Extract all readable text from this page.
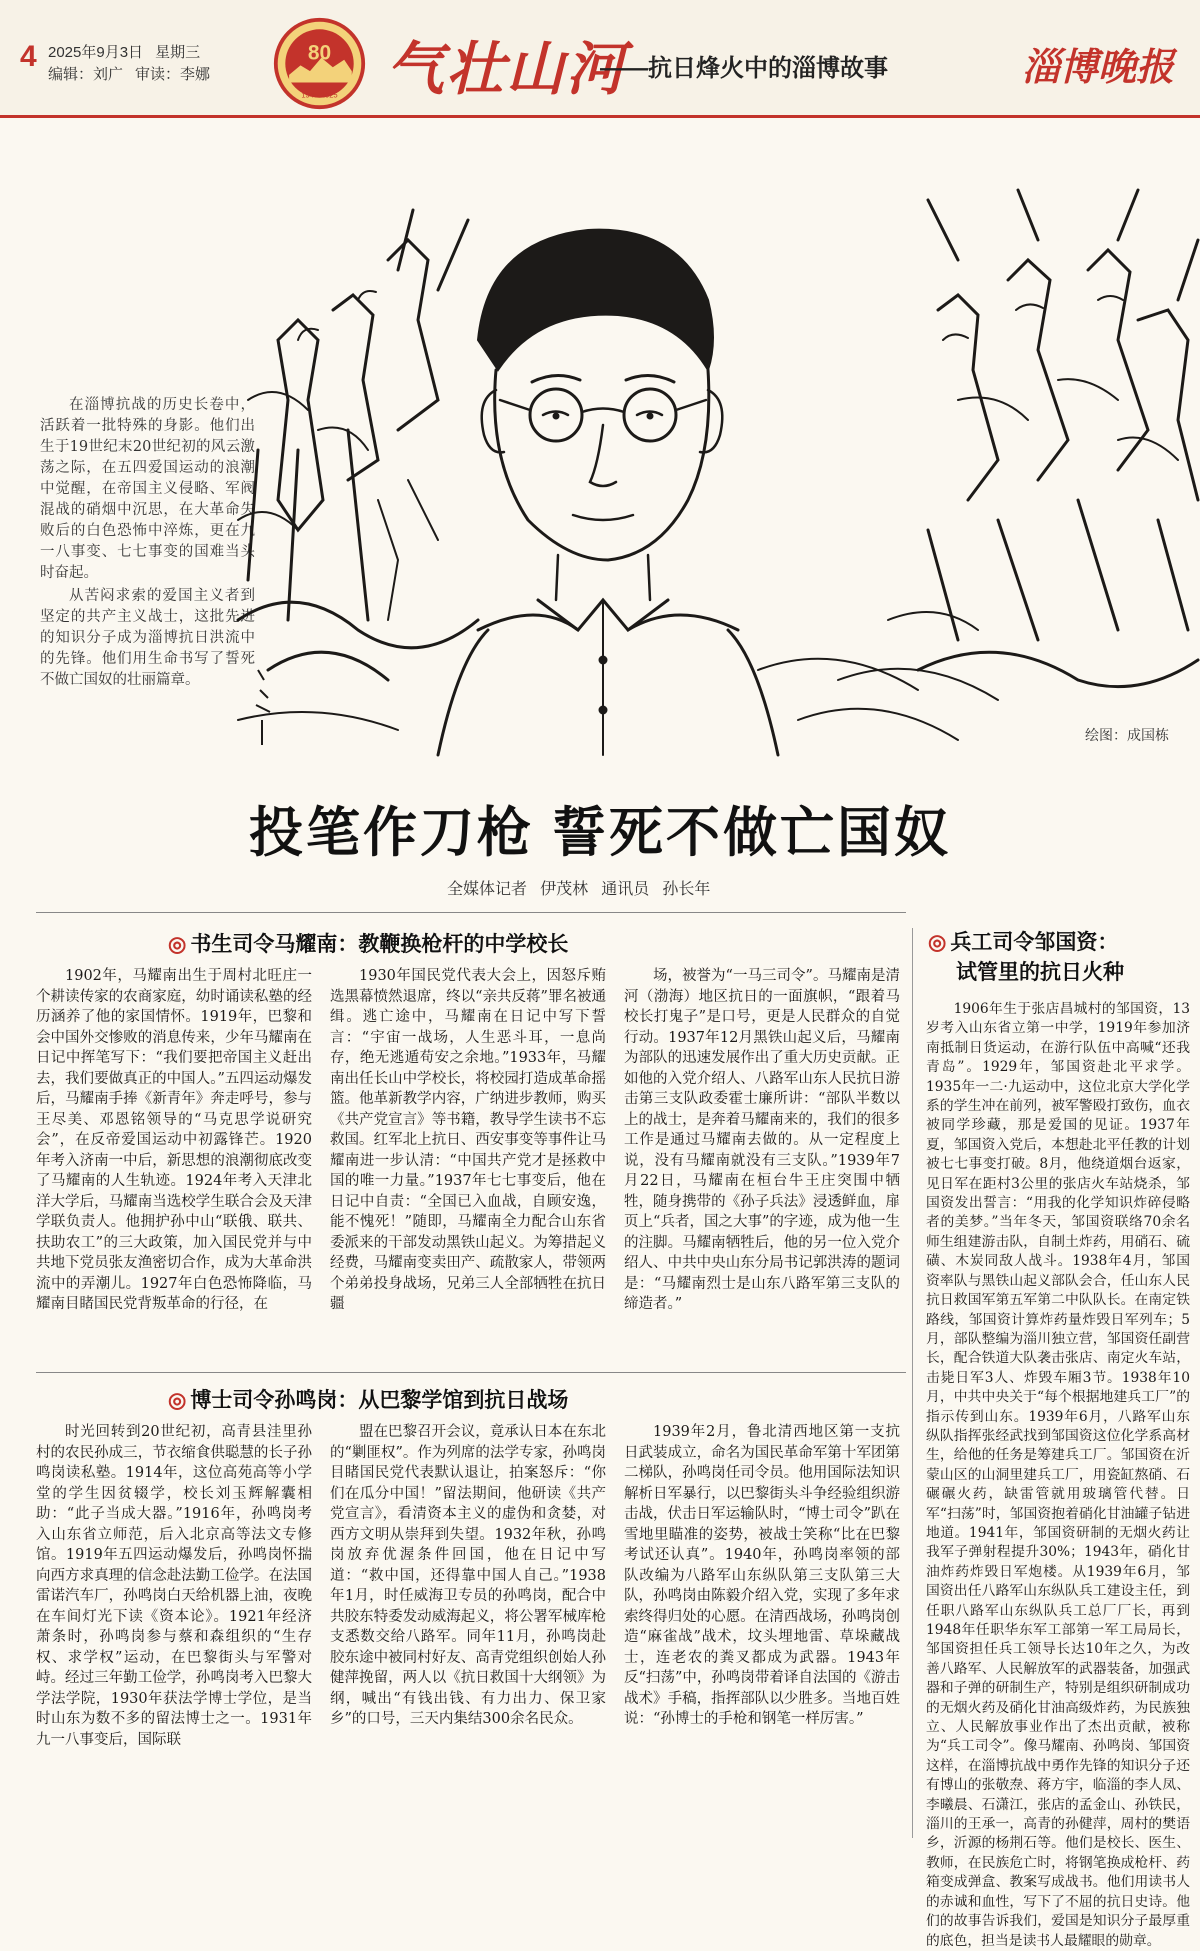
4 2025年9月3日 星期三
编辑：刘广 审读：李娜
80
1945-2025 气壮山河
——抗日烽火中的淄博故事	淄博晚报

在淄博抗战的历史长卷中，活跃着一批特殊的身影。他们出生于19世纪末20世纪初的风云激荡之际，在五四爱国运动的浪潮中觉醒，在帝国主义侵略、军阀混战的硝烟中沉思，在大革命失败后的白色恐怖中淬炼，更在九一八事变、七七事变的国难当头时奋起。

从苦闷求索的爱国主义者到坚定的共产主义战士，这批先进的知识分子成为淄博抗日洪流中的先锋。他们用生命书写了誓死不做亡国奴的壮丽篇章。

绘图：成国栋
投笔作刀枪 誓死不做亡国奴
全媒体记者 伊茂林 通讯员 孙长年
◎ 书生司令马耀南：教鞭换枪杆的中学校长

1902年，马耀南出生于周村北旺庄一个耕读传家的农商家庭，幼时诵读私塾的经历涵养了他的家国情怀。1919年，巴黎和会中国外交惨败的消息传来，少年马耀南在日记中挥笔写下：“我们要把帝国主义赶出去，我们要做真正的中国人。”五四运动爆发后，马耀南手捧《新青年》奔走呼号，参与王尽美、邓恩铭领导的“马克思学说研究会”，在反帝爱国运动中初露锋芒。1920年考入济南一中后，新思想的浪潮彻底改变了马耀南的人生轨迹。1924年考入天津北洋大学后，马耀南当选校学生联合会及天津学联负责人。他拥护孙中山“联俄、联共、扶助农工”的三大政策，加入国民党并与中共地下党员张友渔密切合作，成为大革命洪流中的弄潮儿。1927年白色恐怖降临，马耀南目睹国民党背叛革命的行径，在

1930年国民党代表大会上，因怒斥贿选黑幕愤然退席，终以“亲共反蒋”罪名被通缉。逃亡途中，马耀南在日记中写下誓言：“宇宙一战场，人生恶斗耳，一息尚存，绝无逃遁苟安之余地。”1933年，马耀南出任长山中学校长，将校园打造成革命摇篮。他革新教学内容，广纳进步教师，购买《共产党宣言》等书籍，教导学生读书不忘救国。红军北上抗日、西安事变等事件让马耀南进一步认清：“中国共产党才是拯救中国的唯一力量。”1937年七七事变后，他在日记中自责：“全国已入血战，自顾安逸，能不愧死！”随即，马耀南全力配合山东省委派来的干部发动黑铁山起义。为筹措起义经费，马耀南变卖田产、疏散家人，带领两个弟弟投身战场，兄弟三人全部牺牲在抗日疆

场，被誉为“一马三司令”。马耀南是清河（渤海）地区抗日的一面旗帜，“跟着马校长打鬼子”是口号，更是人民群众的自觉行动。1937年12月黑铁山起义后，马耀南为部队的迅速发展作出了重大历史贡献。正如他的入党介绍人、八路军山东人民抗日游击第三支队政委霍士廉所讲：“部队半数以上的战士，是奔着马耀南来的，我们的很多工作是通过马耀南去做的。从一定程度上说，没有马耀南就没有三支队。”1939年7月22日，马耀南在桓台牛王庄突围中牺牲，随身携带的《孙子兵法》浸透鲜血，扉页上“兵者，国之大事”的字迹，成为他一生的注脚。马耀南牺牲后，他的另一位入党介绍人、中共中央山东分局书记郭洪涛的题词是：“马耀南烈士是山东八路军第三支队的缔造者。”

◎ 博士司令孙鸣岗：从巴黎学馆到抗日战场

时光回转到20世纪初，高青县洼里孙村的农民孙成三，节衣缩食供聪慧的长子孙鸣岗读私塾。1914年，这位高苑高等小学堂的学生因贫辍学，校长刘玉辉解囊相助：“此子当成大器。”1916年，孙鸣岗考入山东省立师范，后入北京高等法文专修馆。1919年五四运动爆发后，孙鸣岗怀揣向西方求真理的信念赴法勤工俭学。在法国雷诺汽车厂，孙鸣岗白天给机器上油，夜晚在车间灯光下读《资本论》。1921年经济萧条时，孙鸣岗参与蔡和森组织的“生存权、求学权”运动，在巴黎街头与军警对峙。经过三年勤工俭学，孙鸣岗考入巴黎大学法学院，1930年获法学博士学位，是当时山东为数不多的留法博士之一。1931年九一八事变后，国际联

盟在巴黎召开会议，竟承认日本在东北的“剿匪权”。作为列席的法学专家，孙鸣岗目睹国民党代表默认退让，拍案怒斥：“你们在瓜分中国！”留法期间，他研读《共产党宣言》，看清资本主义的虚伪和贪婪，对西方文明从崇拜到失望。1932年秋，孙鸣岗放弃优渥条件回国，他在日记中写道：“救中国，还得靠中国人自己。”1938年1月，时任威海卫专员的孙鸣岗，配合中共胶东特委发动威海起义，将公署军械库枪支悉数交给八路军。同年11月，孙鸣岗赴胶东途中被同村好友、高青党组织创始人孙健萍挽留，两人以《抗日救国十大纲领》为纲，喊出“有钱出钱、有力出力、保卫家乡”的口号，三天内集结300余名民众。

1939年2月，鲁北清西地区第一支抗日武装成立，命名为国民革命军第十军团第二梯队，孙鸣岗任司令员。他用国际法知识解析日军暴行，以巴黎街头斗争经验组织游击战，伏击日军运输队时，“博士司令”趴在雪地里瞄准的姿势，被战士笑称“比在巴黎考试还认真”。1940年，孙鸣岗率领的部队改编为八路军山东纵队第三支队第三大队，孙鸣岗由陈毅介绍入党，实现了多年求索终得归处的心愿。在清西战场，孙鸣岗创造“麻雀战”战术，坟头埋地雷、草垛藏战士，连老农的粪叉都成为武器。1943年反“扫荡”中，孙鸣岗带着译自法国的《游击战术》手稿，指挥部队以少胜多。当地百姓说：“孙博士的手枪和钢笔一样厉害。”

◎ 兵工司令邹国资：
试管里的抗日火种

1906年生于张店昌城村的邹国资，13岁考入山东省立第一中学，1919年参加济南抵制日货运动，在游行队伍中高喊“还我青岛”。1929年，邹国资赴北平求学。1935年一二·九运动中，这位北京大学化学系的学生冲在前列，被军警殴打致伤，血衣被同学珍藏，那是爱国的见证。1937年夏，邹国资入党后，本想赴北平任教的计划被七七事变打破。8月，他绕道烟台返家，见日军在距村3公里的张店火车站烧杀，邹国资发出誓言：“用我的化学知识炸碎侵略者的美梦。”当年冬天，邹国资联络70余名师生组建游击队，自制土炸药，用硝石、硫磺、木炭同敌人战斗。1938年4月，邹国资率队与黑铁山起义部队会合，任山东人民抗日救国军第五军第二中队队长。在南定铁路线，邹国资计算炸药量炸毁日军列车；5月，部队整编为淄川独立营，邹国资任副营长，配合铁道大队袭击张店、南定火车站，击毙日军3人、炸毁车厢3节。1938年10月，中共中央关于“每个根据地建兵工厂”的指示传到山东。1939年6月，八路军山东纵队指挥张经武找到邹国资这位化学系高材生，给他的任务是筹建兵工厂。邹国资在沂蒙山区的山洞里建兵工厂，用瓷缸熬硝、石碾碾火药，缺雷管就用玻璃管代替。日军“扫荡”时，邹国资抱着硝化甘油罐子钻进地道。1941年，邹国资研制的无烟火药让我军子弹射程提升30%；1943年，硝化甘油炸药炸毁日军炮楼。从1939年6月，邹国资出任八路军山东纵队兵工建设主任，到任职八路军山东纵队兵工总厂厂长，再到1948年任职华东军工部第一军工局局长，邹国资担任兵工领导长达10年之久，为改善八路军、人民解放军的武器装备，加强武器和子弹的研制生产，特别是组织研制成功的无烟火药及硝化甘油高级炸药，为民族独立、人民解放事业作出了杰出贡献，被称为“兵工司令”。像马耀南、孙鸣岗、邹国资这样，在淄博抗战中勇作先锋的知识分子还有博山的张敬焘、蒋方宇，临淄的李人凤、李曦晨、石潇江，张店的孟金山、孙铁民，淄川的王承一，高青的孙健萍，周村的樊语乡，沂源的杨荆石等。他们是校长、医生、教师，在民族危亡时，将钢笔换成枪杆、药箱变成弹盒、教案写成战书。他们用读书人的赤诚和血性，写下了不屈的抗日史诗。他们的故事告诉我们，爱国是知识分子最厚重的底色，担当是读书人最耀眼的勋章。
